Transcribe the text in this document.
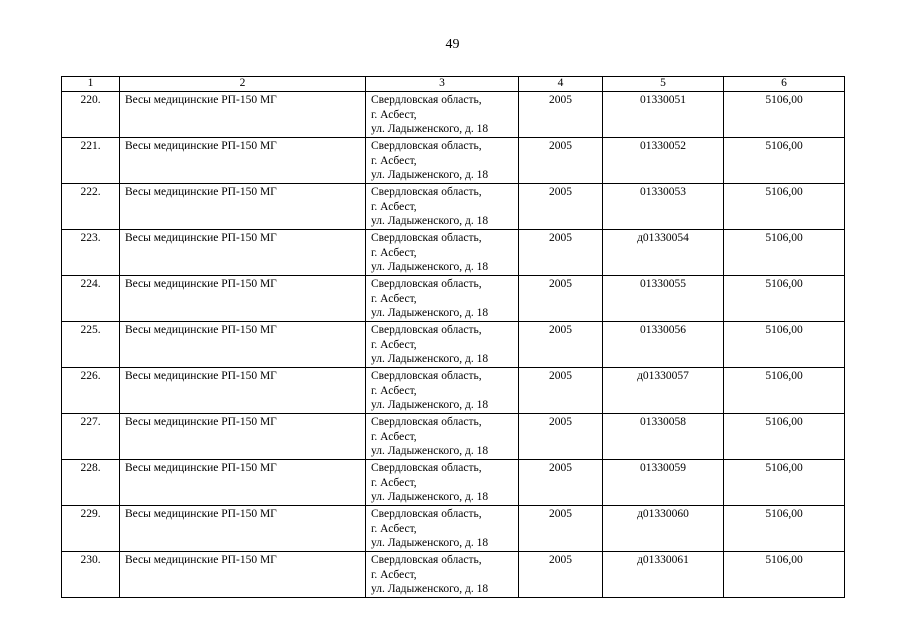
49
1	2	3	4	5	6
220.	Весы медицинские РП-150 МГ	Свердловская область,
г. Асбест,
ул. Ладыженского, д. 18	2005	01330051	5106,00
221.	Весы медицинские РП-150 МГ	Свердловская область,
г. Асбест,
ул. Ладыженского, д. 18	2005	01330052	5106,00
222.	Весы медицинские РП-150 МГ	Свердловская область,
г. Асбест,
ул. Ладыженского, д. 18	2005	01330053	5106,00
223.	Весы медицинские РП-150 МГ	Свердловская область,
г. Асбест,
ул. Ладыженского, д. 18	2005	д01330054	5106,00
224.	Весы медицинские РП-150 МГ	Свердловская область,
г. Асбест,
ул. Ладыженского, д. 18	2005	01330055	5106,00
225.	Весы медицинские РП-150 МГ	Свердловская область,
г. Асбест,
ул. Ладыженского, д. 18	2005	01330056	5106,00
226.	Весы медицинские РП-150 МГ	Свердловская область,
г. Асбест,
ул. Ладыженского, д. 18	2005	д01330057	5106,00
227.	Весы медицинские РП-150 МГ	Свердловская область,
г. Асбест,
ул. Ладыженского, д. 18	2005	01330058	5106,00
228.	Весы медицинские РП-150 МГ	Свердловская область,
г. Асбест,
ул. Ладыженского, д. 18	2005	01330059	5106,00
229.	Весы медицинские РП-150 МГ	Свердловская область,
г. Асбест,
ул. Ладыженского, д. 18	2005	д01330060	5106,00
230.	Весы медицинские РП-150 МГ	Свердловская область,
г. Асбест,
ул. Ладыженского, д. 18	2005	д01330061	5106,00
